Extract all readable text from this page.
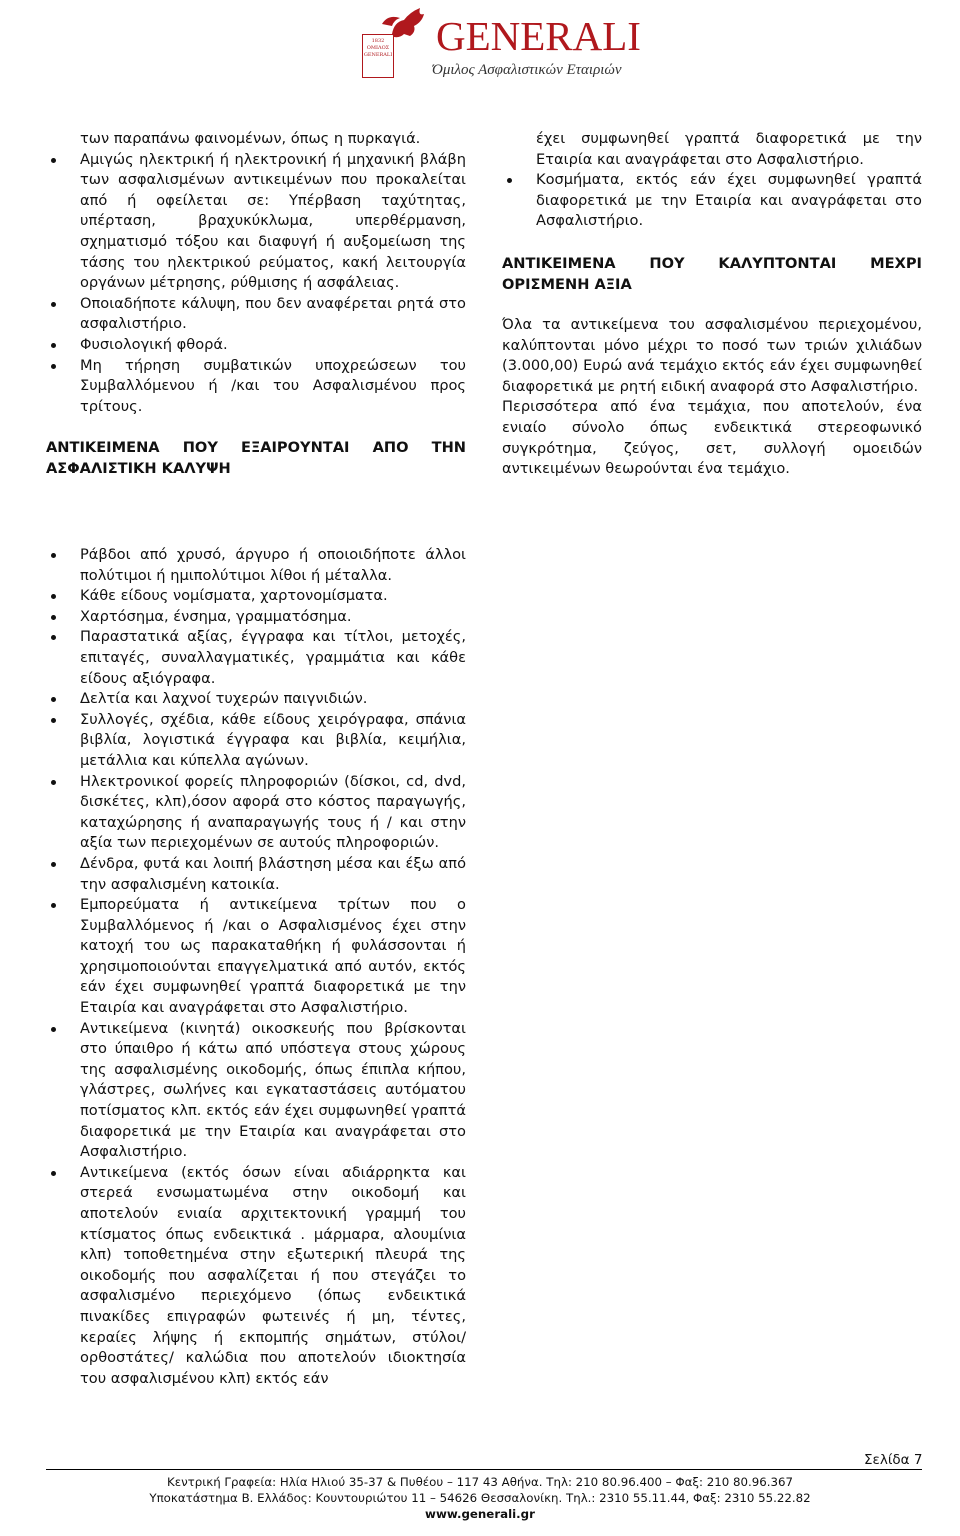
1832
ΟΜΙΛΟΣ
GENERALI GENERALI
Όμιλος Ασφαλιστικών Εταιριών

των παραπάνω φαινομένων, όπως η πυρκαγιά.

Αμιγώς ηλεκτρική ή ηλεκτρονική ή μηχανική βλάβη των ασφαλισμένων αντικειμένων που προκαλείται από ή οφείλεται σε: Υπέρβαση ταχύτητας, υπέρταση, βραχυκύκλωμα, υπερθέρμανση, σχηματισμό τόξου και διαφυγή ή αυξομείωση της τάσης του ηλεκτρικού ρεύματος, κακή λειτουργία οργάνων μέτρησης, ρύθμισης ή ασφάλειας.
Οποιαδήποτε κάλυψη, που δεν αναφέρεται ρητά στο ασφαλιστήριο.
Φυσιολογική φθορά.
Μη τήρηση συμβατικών υποχρεώσεων του Συμβαλλόμενου ή /και του Ασφαλισμένου προς τρίτους.
ΑΝΤΙΚΕΙΜΕΝΑ ΠΟΥ ΕΞΑΙΡΟΥΝΤΑΙ ΑΠΟ ΤΗΝ ΑΣΦΑΛΙΣΤΙΚΗ ΚΑΛΥΨΗ
Ράβδοι από χρυσό, άργυρο ή οποιοιδήποτε άλλοι πολύτιμοι ή ημιπολύτιμοι λίθοι ή μέταλλα.
Κάθε είδους νομίσματα, χαρτονομίσματα.
Χαρτόσημα, ένσημα, γραμματόσημα.
Παραστατικά αξίας, έγγραφα και τίτλοι, μετοχές, επιταγές, συναλλαγματικές, γραμμάτια και κάθε είδους αξιόγραφα.
Δελτία και λαχνοί τυχερών παιγνιδιών.
Συλλογές, σχέδια, κάθε είδους χειρόγραφα, σπάνια βιβλία, λογιστικά έγγραφα και βιβλία, κειμήλια, μετάλλια και κύπελλα αγώνων.
Ηλεκτρονικοί φορείς πληροφοριών (δίσκοι, cd, dvd, δισκέτες, κλπ),όσον αφορά στο κόστος παραγωγής, καταχώρησης ή αναπαραγωγής τους ή / και στην αξία των περιεχομένων σε αυτούς πληροφοριών.
Δένδρα, φυτά και λοιπή βλάστηση μέσα και έξω από την ασφαλισμένη κατοικία.
Εμπορεύματα ή αντικείμενα τρίτων που ο Συμβαλλόμενος ή /και ο Ασφαλισμένος έχει στην κατοχή του ως παρακαταθήκη ή φυλάσσονται ή χρησιμοποιούνται επαγγελματικά από αυτόν, εκτός εάν έχει συμφωνηθεί γραπτά διαφορετικά με την Εταιρία και αναγράφεται στο Ασφαλιστήριο.
Αντικείμενα (κινητά) οικοσκευής που βρίσκονται στο ύπαιθρο ή κάτω από υπόστεγα στους χώρους της ασφαλισμένης οικοδομής, όπως έπιπλα κήπου, γλάστρες, σωλήνες και εγκαταστάσεις αυτόματου ποτίσματος κλπ. εκτός εάν έχει συμφωνηθεί γραπτά διαφορετικά με την Εταιρία και αναγράφεται στο Ασφαλιστήριο.
Αντικείμενα (εκτός όσων είναι αδιάρρηκτα και στερεά ενσωματωμένα στην οικοδομή και αποτελούν ενιαία αρχιτεκτονική γραμμή του κτίσματος όπως ενδεικτικά . μάρμαρα, αλουμίνια κλπ) τοποθετημένα στην εξωτερική πλευρά της οικοδομής που ασφαλίζεται ή που στεγάζει το ασφαλισμένο περιεχόμενο (όπως ενδεικτικά πινακίδες επιγραφών φωτεινές ή μη, τέντες, κεραίες λήψης ή εκπομπής σημάτων, στύλοι/ ορθοστάτες/ καλώδια που αποτελούν ιδιοκτησία του ασφαλισμένου κλπ) εκτός εάν

έχει συμφωνηθεί γραπτά διαφορετικά με την Εταιρία και αναγράφεται στο Ασφαλιστήριο.

Κοσμήματα, εκτός εάν έχει συμφωνηθεί γραπτά διαφορετικά με την Εταιρία και αναγράφεται στο Ασφαλιστήριο.
ΑΝΤΙΚΕΙΜΕΝΑ ΠΟΥ ΚΑΛΥΠΤΟΝΤΑΙ ΜΕΧΡΙ ΟΡΙΣΜΕΝΗ ΑΞΙΑ

Όλα τα αντικείμενα του ασφαλισμένου περιεχομένου, καλύπτονται μόνο μέχρι το ποσό των τριών χιλιάδων (3.000,00) Ευρώ ανά τεμάχιο εκτός εάν έχει συμφωνηθεί διαφορετικά με ρητή ειδική αναφορά στο Ασφαλιστήριο.

Περισσότερα από ένα τεμάχια, που αποτελούν, ένα ενιαίο σύνολο όπως ενδεικτικά στερεοφωνικό συγκρότημα, ζεύγος, σετ, συλλογή ομοειδών αντικειμένων θεωρούνται ένα τεμάχιο.

Σελίδα 7
Κεντρική Γραφεία: Ηλία Ηλιού 35-37 & Πυθέου – 117 43 Αθήνα. Τηλ: 210 80.96.400 – Φαξ: 210 80.96.367
Υποκατάστημα Β. Ελλάδος: Κουντουριώτου 11 – 54626 Θεσσαλονίκη. Τηλ.: 2310 55.11.44, Φαξ: 2310 55.22.82
www.generali.gr
